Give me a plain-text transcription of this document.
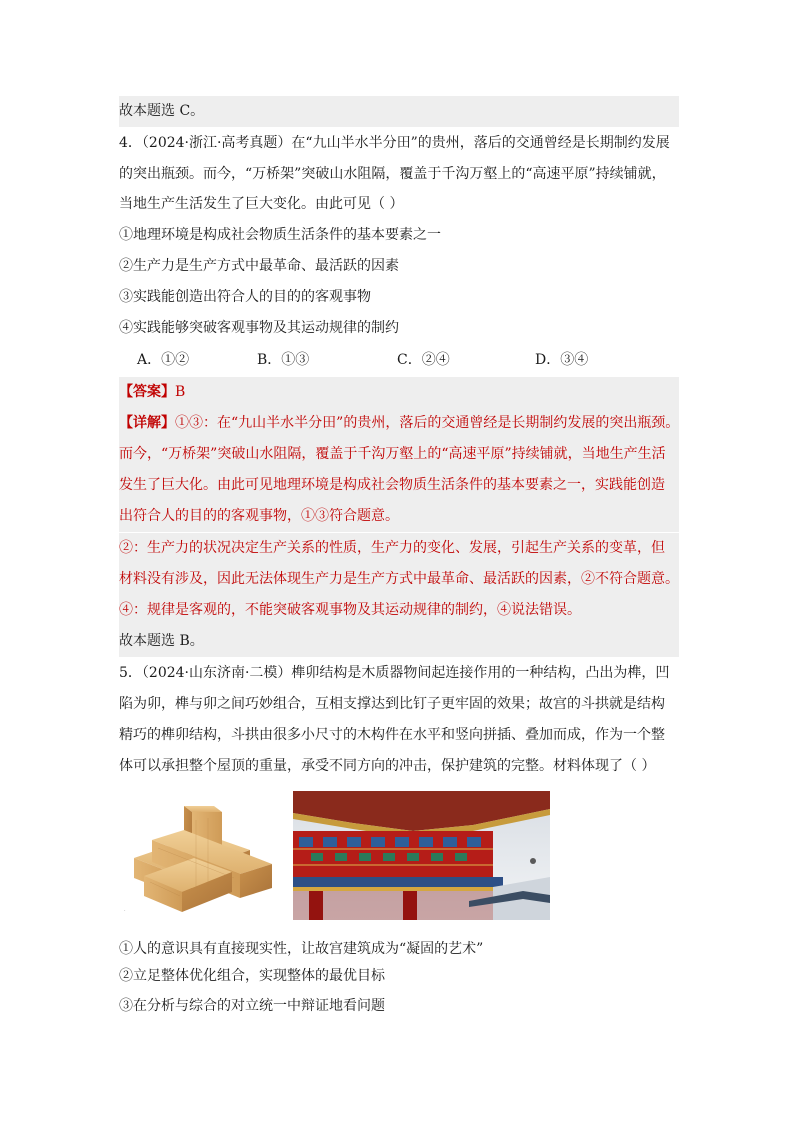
故本题选 C。
4．（2024·浙江·高考真题）在“九山半水半分田”的贵州，落后的交通曾经是长期制约发展
的突出瓶颈。而今，“万桥架”突破山水阻隔，覆盖于千沟万壑上的“高速平原”持续铺就，
当地生产生活发生了巨大变化。由此可见（ ）
①地理环境是构成社会物质生活条件的基本要素之一
②生产力是生产方式中最革命、最活跃的因素
③实践能创造出符合人的目的的客观事物
④实践能够突破客观事物及其运动规律的制约
A．①②	B．①③	C．②④	D．③④
【答案】B
【详解】①③：在“九山半水半分田”的贵州，落后的交通曾经是长期制约发展的突出瓶颈。
而今，“万桥架”突破山水阻隔，覆盖于千沟万壑上的“高速平原”持续铺就，当地生产生活
发生了巨大化。由此可见地理环境是构成社会物质生活条件的基本要素之一，实践能创造
出符合人的目的的客观事物，①③符合题意。
②：生产力的状况决定生产关系的性质，生产力的变化、发展，引起生产关系的变革，但
材料没有涉及，因此无法体现生产力是生产方式中最革命、最活跃的因素，②不符合题意。
④：规律是客观的，不能突破客观事物及其运动规律的制约，④说法错误。
故本题选 B。
5．（2024·山东济南·二模）榫卯结构是木质器物间起连接作用的一种结构，凸出为榫，凹
陷为卯，榫与卯之间巧妙组合，互相支撑达到比钉子更牢固的效果；故宫的斗拱就是结构
精巧的榫卯结构，斗拱由很多小尺寸的木构件在水平和竖向拼插、叠加而成，作为一个整
体可以承担整个屋顶的重量，承受不同方向的冲击，保护建筑的完整。材料体现了（ ）
·
①人的意识具有直接现实性，让故宫建筑成为“凝固的艺术”
②立足整体优化组合，实现整体的最优目标
③在分析与综合的对立统一中辩证地看问题
